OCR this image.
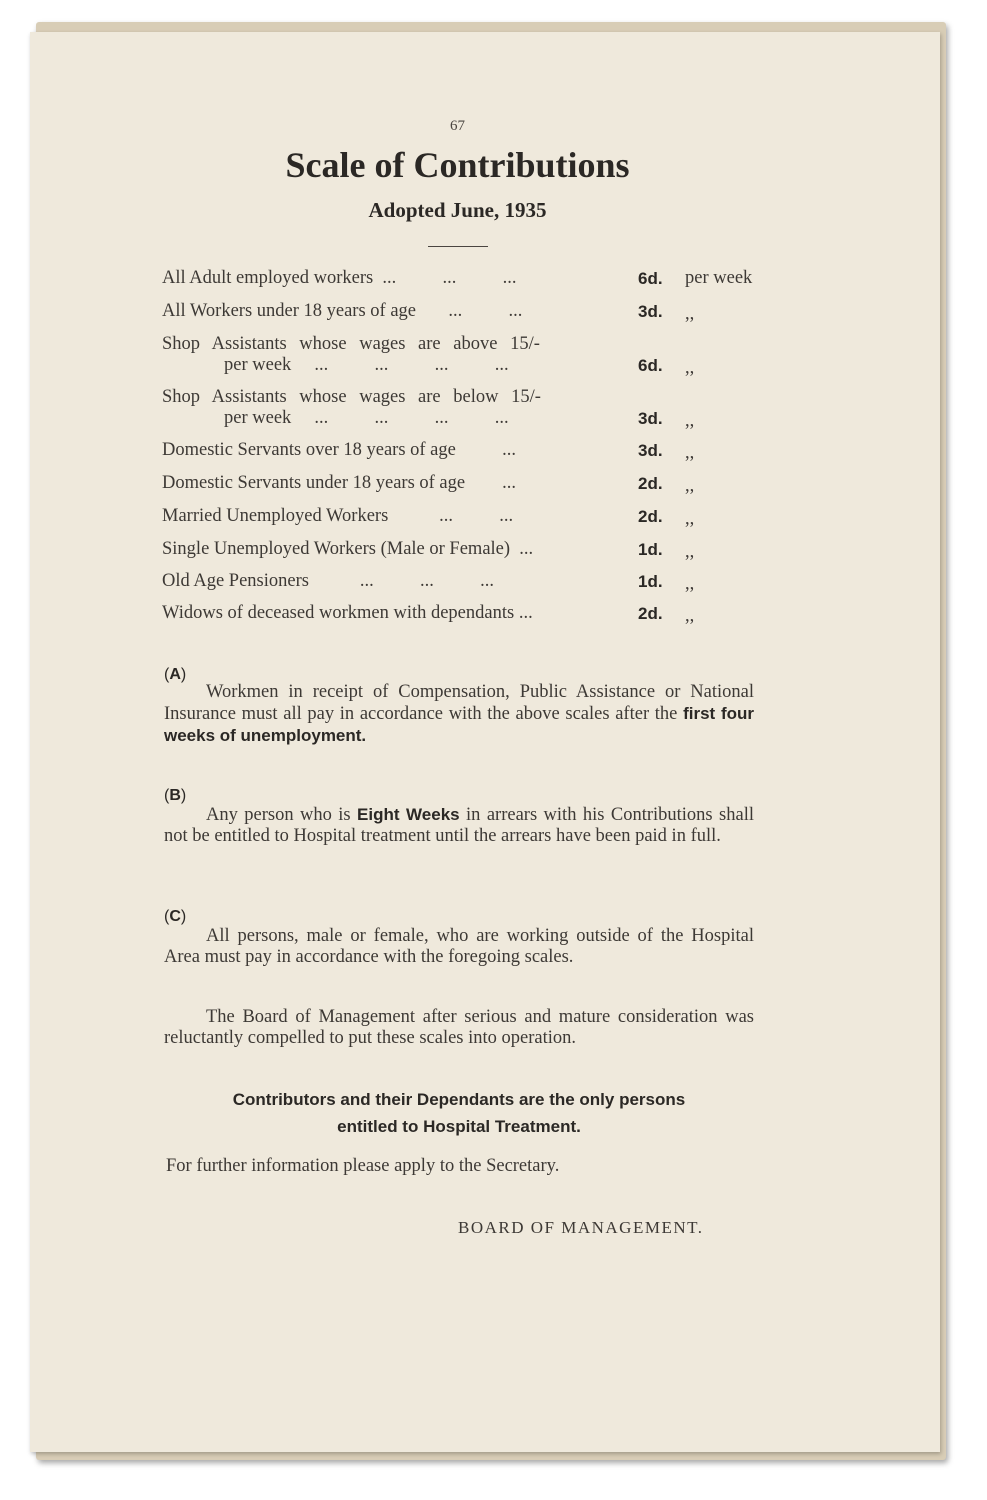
67
Scale of Contributions
Adopted June, 1935
All Adult employed workers  ...          ...          ...	6d. per week
All Workers under 18 years of age       ...          ...	3d. ,,
Shop Assistants whose wages are above 15/-
per week     ...          ...          ...          ...	6d. ,,
Shop Assistants whose wages are below 15/-
per week     ...          ...          ...          ...	3d. ,,
Domestic Servants over 18 years of age          ...	3d. ,,
Domestic Servants under 18 years of age        ...	2d. ,,
Married Unemployed Workers           ...          ...	2d. ,,
Single Unemployed Workers (Male or Female)  ...	1d. ,,
Old Age Pensioners           ...          ...          ...	1d. ,,
Widows of deceased workmen with dependants ...	2d. ,,
(A)
Workmen in receipt of Compensation, Public Assistance or National Insurance must all pay in accordance with the above scales after the first four weeks of unemployment.
(B)
Any person who is Eight Weeks in arrears with his Contributions shall not be entitled to Hospital treatment until the arrears have been paid in full.
(C)
All persons, male or female, who are working outside of the Hospital Area must pay in accordance with the foregoing scales.
The Board of Management after serious and mature consideration was reluctantly compelled to put these scales into operation.
Contributors and their Dependants are the only persons
entitled to Hospital Treatment.
For further information please apply to the Secretary.
BOARD OF MANAGEMENT.
